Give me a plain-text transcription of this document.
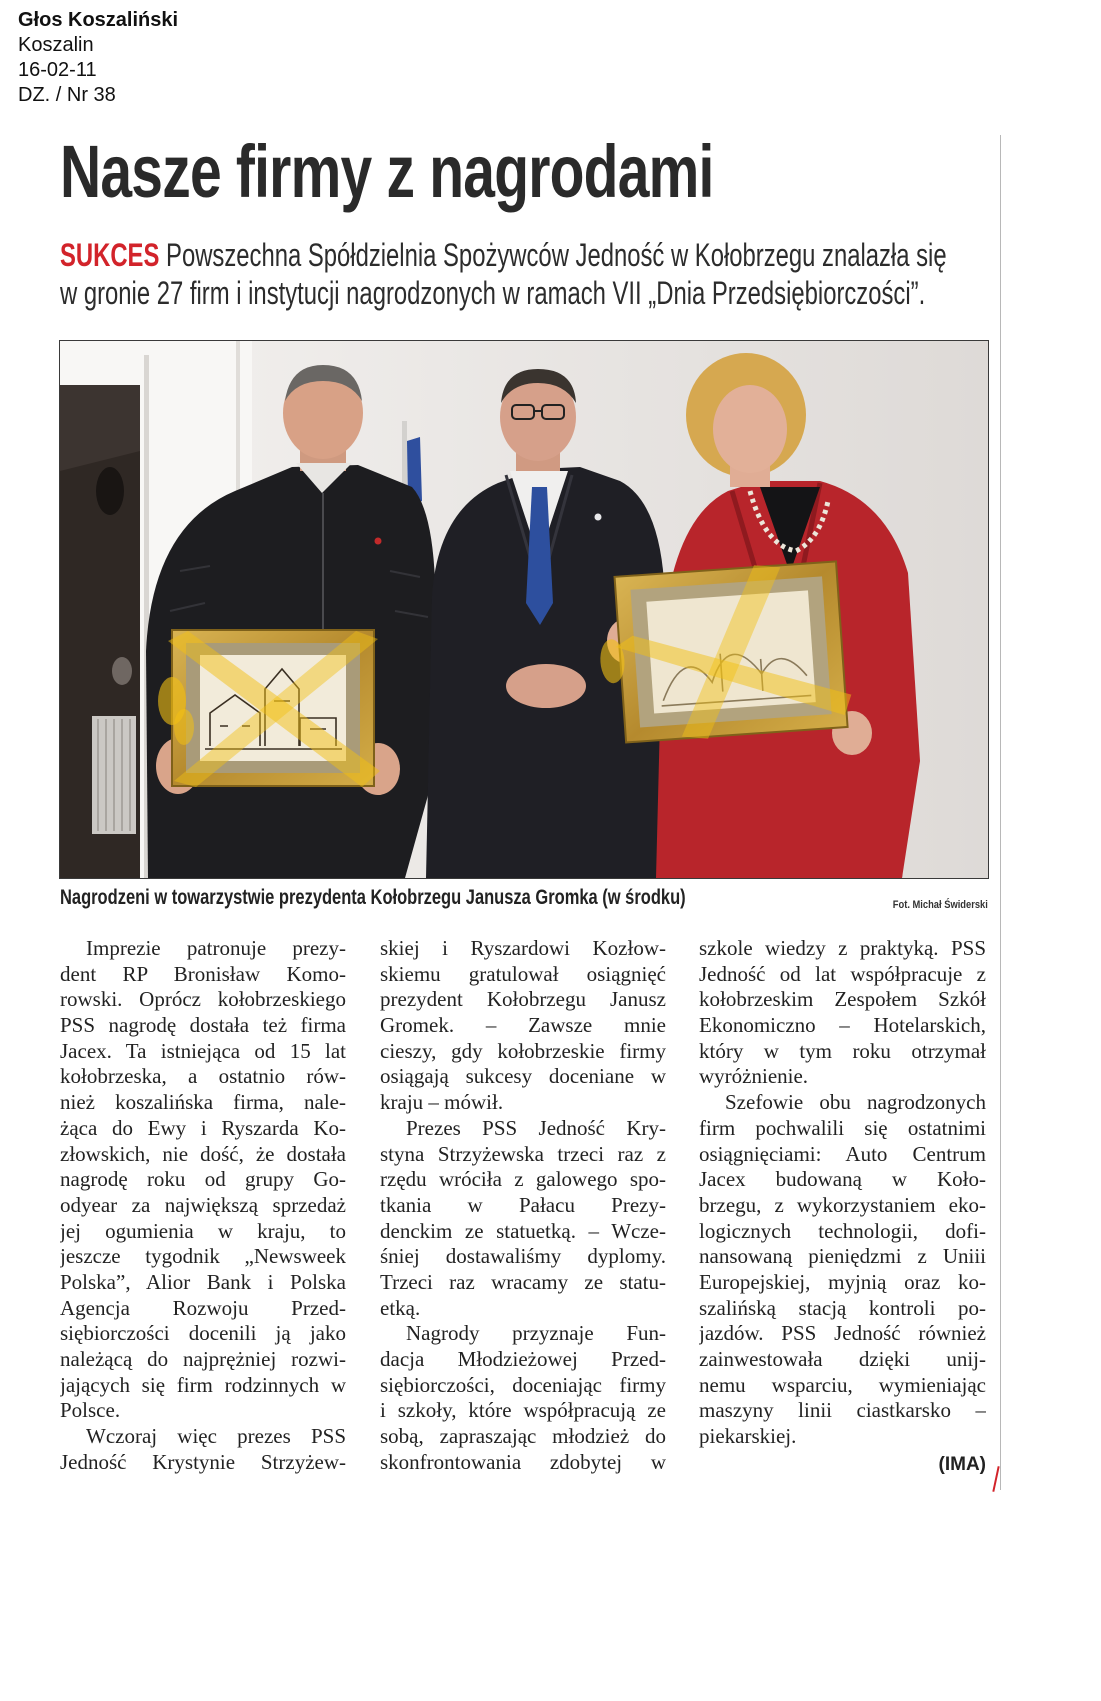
Głos Koszaliński
Koszalin
16-02-11
DZ. / Nr 38
Nasze firmy z nagrodami
SUKCES Powszechna Spółdzielnia Spożywców Jedność w Kołobrzegu znalazła się
w gronie 27 firm i instytucji nagrodzonych w ramach VII „Dnia Przedsiębiorczości”.
Nagrodzeni w towarzystwie prezydenta Kołobrzegu Janusza Gromka (w środku)	Fot. Michał Świderski
Imprezie patronuje prezy-
dent RP Bronisław Komo-
rowski. Oprócz kołobrzeskiego
PSS nagrodę dostała też firma
Jacex. Ta istniejąca od 15 lat
kołobrzeska, a ostatnio rów-
nież koszalińska firma, nale-
żąca do Ewy i Ryszarda Ko-
złowskich, nie dość, że dostała
nagrodę roku od grupy Go-
odyear za największą sprzedaż
jej ogumienia w kraju, to
jeszcze tygodnik „Newsweek
Polska”, Alior Bank i Polska
Agencja Rozwoju Przed-
siębiorczości docenili ją jako
należącą do najprężniej rozwi-
jających się firm rodzinnych w
Polsce.
Wczoraj więc prezes PSS
Jedność Krystynie Strzyżew-
skiej i Ryszardowi Kozłow-
skiemu gratulował osiągnięć
prezydent Kołobrzegu Janusz
Gromek. – Zawsze mnie
cieszy, gdy kołobrzeskie firmy
osiągają sukcesy doceniane w
kraju – mówił.
Prezes PSS Jedność Kry-
styna Strzyżewska trzeci raz z
rzędu wróciła z galowego spo-
tkania w Pałacu Prezy-
denckim ze statuetką. – Wcze-
śniej dostawaliśmy dyplomy.
Trzeci raz wracamy ze statu-
etką.
Nagrody przyznaje Fun-
dacja Młodzieżowej Przed-
siębiorczości, doceniając firmy
i szkoły, które współpracują ze
sobą, zapraszając młodzież do
skonfrontowania zdobytej w
szkole wiedzy z praktyką. PSS
Jedność od lat współpracuje z
kołobrzeskim Zespołem Szkół
Ekonomiczno – Hotelarskich,
który w tym roku otrzymał
wyróżnienie.
Szefowie obu nagrodzonych
firm pochwalili się ostatnimi
osiągnięciami: Auto Centrum
Jacex budowaną w Koło-
brzegu, z wykorzystaniem eko-
logicznych technologii, dofi-
nansowaną pieniędzmi z Uniii
Europejskiej, myjnią oraz ko-
szalińską stacją kontroli po-
jazdów. PSS Jedność również
zainwestowała dzięki unij-
nemu wsparciu, wymieniając
maszyny linii ciastkarsko –
piekarskiej.
(IMA)
